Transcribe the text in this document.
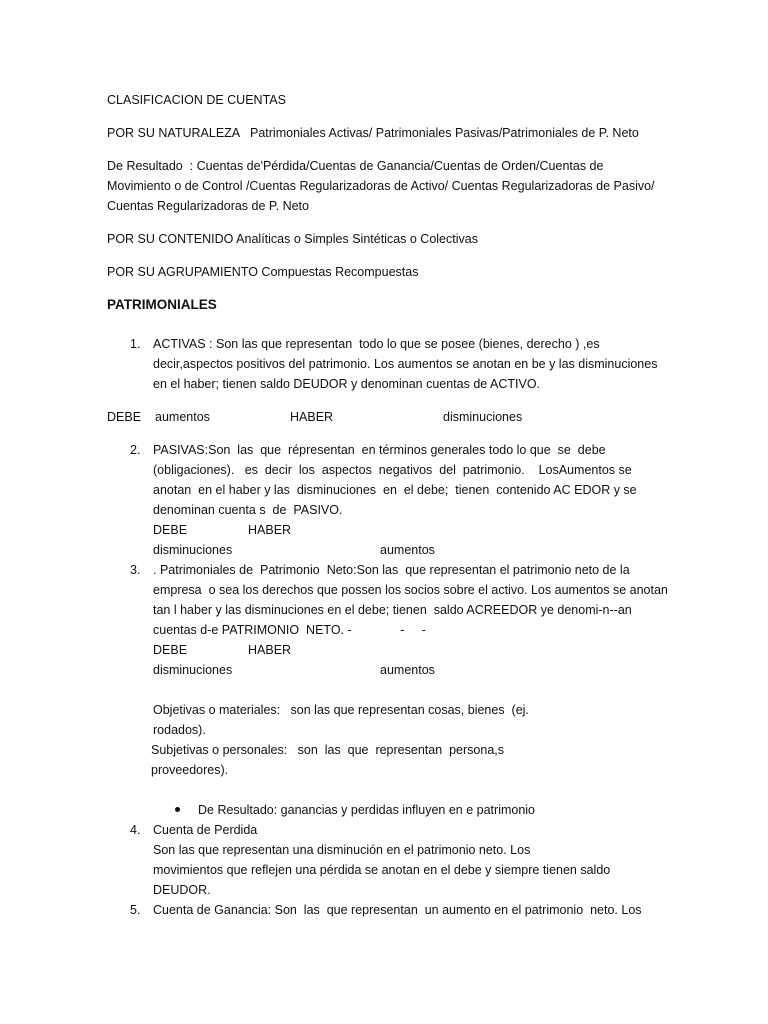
CLASIFICACION DE CUENTAS
POR SU NATURALEZA Patrimoniales Activas/ Patrimoniales Pasivas/Patrimoniales de P. Neto
De Resultado  : Cuentas de'Pérdida/Cuentas de Ganancia/Cuentas de Orden/Cuentas de
Movimiento o de Control /Cuentas Regularizadoras de Activo/ Cuentas Regularizadoras de Pasivo/
Cuentas Regularizadoras de P. Neto
POR SU CONTENIDO Analíticas o Simples Sintéticas o Colectivas
POR SU AGRUPAMIENTO Compuestas Recompuestas
PATRIMONIALES
1. ACTIVAS : Son las que representan  todo lo que se posee (bienes, derecho ) ,es
decir,aspectos positivos del patrimonio. Los aumentos se anotan en be y las disminuciones
en el haber; tienen saldo DEUDOR y denominan cuentas de ACTIVO.
DEBE aumentos	HABER	disminuciones
2. PASIVAS:Son  las  que  répresentan  en términos generales todo lo que  se  debe
(obligaciones).   es  decir  los  aspectos  negativos  del  patrimonio.    LosAumentos se
anotan  en el haber y las  disminuciones  en  el debe;  tienen  contenido AC EDOR y se
denominan cuenta s  de  PASIVO.
DEBE	HABER
disminuciones	aumentos
3. . Patrimoniales de  Patrimonio  Neto:Son las  que representan el patrimonio neto de la
empresa  o sea los derechos que possen los socios sobre el activo. Los aumentos se anotan
tan l haber y las disminuciones en el debe; tienen  saldo ACREEDOR ye denomi-n--an
cuentas d-e PATRIMONIO  NETO. -              -     -
DEBE	HABER
disminuciones	aumentos
Objetivas o materiales:   son las que representan cosas, bienes  (ej.
rodados).
Subjetivas o personales:   son  las  que  representan  persona,s
proveedores).
De Resultado: ganancias y perdidas influyen en e patrimonio
4. Cuenta de Perdida
Son las que representan una disminución en el patrimonio neto. Los
movimientos que reflejen una pérdida se anotan en el debe y siempre tienen saldo
DEUDOR.
5. Cuenta de Ganancia: Son  las  que representan  un aumento en el patrimonio  neto. Los
